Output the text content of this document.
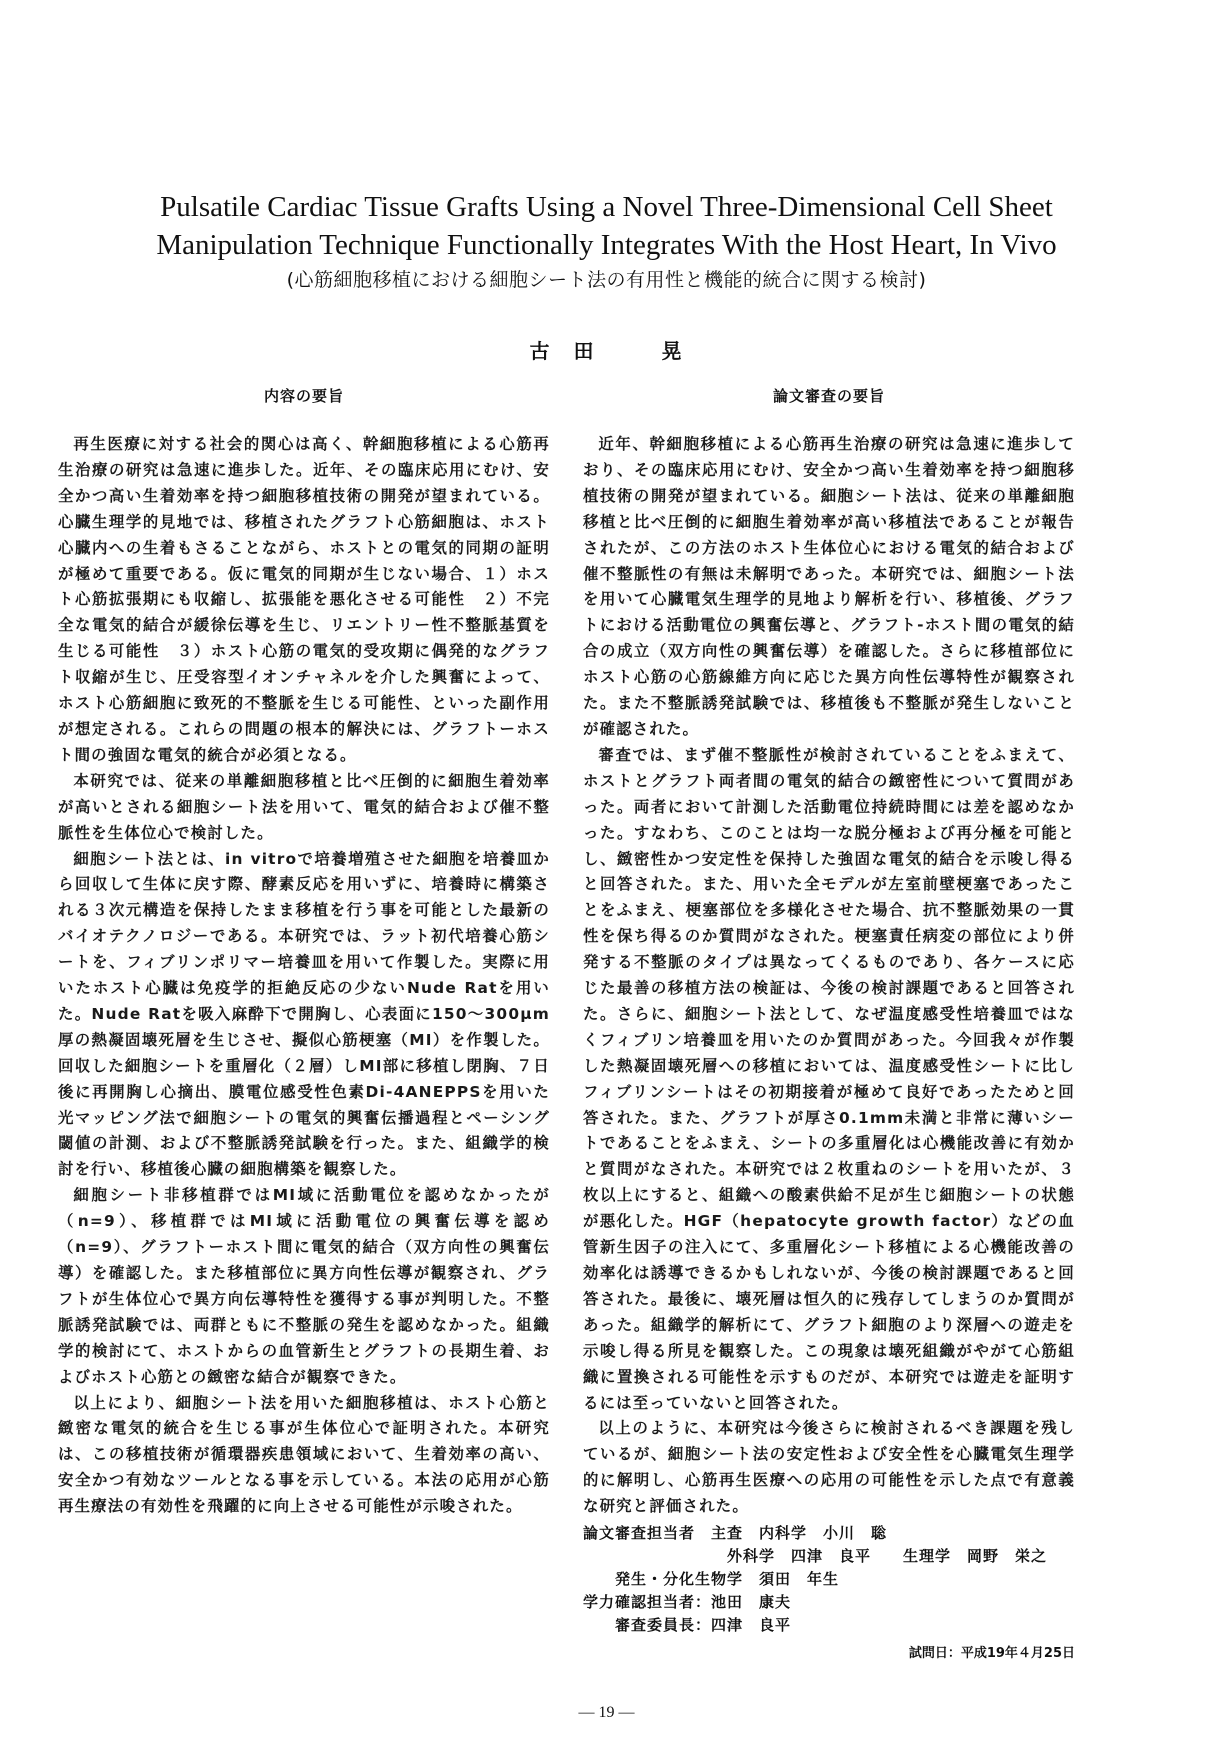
Pulsatile Cardiac Tissue Grafts Using a Novel Three-Dimensional Cell Sheet
Manipulation Technique Functionally Integrates With the Host Heart, In Vivo
(心筋細胞移植における細胞シート法の有用性と機能的統合に関する検討)
古　田　　　晃
内容の要旨

再生医療に対する社会的関心は高く、幹細胞移植による心筋再生治療の研究は急速に進歩した。近年、その臨床応用にむけ、安全かつ高い生着効率を持つ細胞移植技術の開発が望まれている。心臓生理学的見地では、移植されたグラフト心筋細胞は、ホスト心臓内への生着もさることながら、ホストとの電気的同期の証明が極めて重要である。仮に電気的同期が生じない場合、１）ホスト心筋拡張期にも収縮し、拡張能を悪化させる可能性　２）不完全な電気的結合が緩徐伝導を生じ、リエントリー性不整脈基質を生じる可能性　３）ホスト心筋の電気的受攻期に偶発的なグラフト収縮が生じ、圧受容型イオンチャネルを介した興奮によって、ホスト心筋細胞に致死的不整脈を生じる可能性、といった副作用が想定される。これらの問題の根本的解決には、グラフトーホスト間の強固な電気的統合が必須となる。

本研究では、従来の単離細胞移植と比べ圧倒的に細胞生着効率が高いとされる細胞シート法を用いて、電気的結合および催不整脈性を生体位心で検討した。

細胞シート法とは、in vitroで培養増殖させた細胞を培養皿から回収して生体に戻す際、酵素反応を用いずに、培養時に構築される３次元構造を保持したまま移植を行う事を可能とした最新のバイオテクノロジーである。本研究では、ラット初代培養心筋シートを、フィブリンポリマー培養皿を用いて作製した。実際に用いたホスト心臓は免疫学的拒絶反応の少ないNude Ratを用いた。Nude Ratを吸入麻酔下で開胸し、心表面に150～300μm厚の熱凝固壊死層を生じさせ、擬似心筋梗塞（MI）を作製した。回収した細胞シートを重層化（２層）しMI部に移植し閉胸、７日後に再開胸し心摘出、膜電位感受性色素Di-4ANEPPSを用いた光マッピング法で細胞シートの電気的興奮伝播過程とペーシング閾値の計測、および不整脈誘発試験を行った。また、組織学的検討を行い、移植後心臓の細胞構築を観察した。

細胞シート非移植群ではMI域に活動電位を認めなかったが（n=9）、移植群ではMI域に活動電位の興奮伝導を認め（n=9）、グラフトーホスト間に電気的結合（双方向性の興奮伝導）を確認した。また移植部位に異方向性伝導が観察され、グラフトが生体位心で異方向伝導特性を獲得する事が判明した。不整脈誘発試験では、両群ともに不整脈の発生を認めなかった。組織学的検討にて、ホストからの血管新生とグラフトの長期生着、およびホスト心筋との緻密な結合が観察できた。

以上により、細胞シート法を用いた細胞移植は、ホスト心筋と緻密な電気的統合を生じる事が生体位心で証明された。本研究は、この移植技術が循環器疾患領域において、生着効率の高い、安全かつ有効なツールとなる事を示している。本法の応用が心筋再生療法の有効性を飛躍的に向上させる可能性が示唆された。

論文審査の要旨

近年、幹細胞移植による心筋再生治療の研究は急速に進歩しており、その臨床応用にむけ、安全かつ高い生着効率を持つ細胞移植技術の開発が望まれている。細胞シート法は、従来の単離細胞移植と比べ圧倒的に細胞生着効率が高い移植法であることが報告されたが、この方法のホスト生体位心における電気的結合および催不整脈性の有無は未解明であった。本研究では、細胞シート法を用いて心臓電気生理学的見地より解析を行い、移植後、グラフトにおける活動電位の興奮伝導と、グラフト-ホスト間の電気的結合の成立（双方向性の興奮伝導）を確認した。さらに移植部位にホスト心筋の心筋線維方向に応じた異方向性伝導特性が観察された。また不整脈誘発試験では、移植後も不整脈が発生しないことが確認された。

審査では、まず催不整脈性が検討されていることをふまえて、ホストとグラフト両者間の電気的結合の緻密性について質問があった。両者において計測した活動電位持続時間には差を認めなかった。すなわち、このことは均一な脱分極および再分極を可能とし、緻密性かつ安定性を保持した強固な電気的結合を示唆し得ると回答された。また、用いた全モデルが左室前壁梗塞であったことをふまえ、梗塞部位を多様化させた場合、抗不整脈効果の一貫性を保ち得るのか質問がなされた。梗塞責任病変の部位により併発する不整脈のタイプは異なってくるものであり、各ケースに応じた最善の移植方法の検証は、今後の検討課題であると回答された。さらに、細胞シート法として、なぜ温度感受性培養皿ではなくフィブリン培養皿を用いたのか質問があった。今回我々が作製した熱凝固壊死層への移植においては、温度感受性シートに比しフィブリンシートはその初期接着が極めて良好であったためと回答された。また、グラフトが厚さ0.1mm未満と非常に薄いシートであることをふまえ、シートの多重層化は心機能改善に有効かと質問がなされた。本研究では２枚重ねのシートを用いたが、３枚以上にすると、組織への酸素供給不足が生じ細胞シートの状態が悪化した。HGF（hepatocyte growth factor）などの血管新生因子の注入にて、多重層化シート移植による心機能改善の効率化は誘導できるかもしれないが、今後の検討課題であると回答された。最後に、壊死層は恒久的に残存してしまうのか質問があった。組織学的解析にて、グラフト細胞のより深層への遊走を示唆し得る所見を観察した。この現象は壊死組織がやがて心筋組織に置換される可能性を示すものだが、本研究では遊走を証明するには至っていないと回答された。

以上のように、本研究は今後さらに検討されるべき課題を残しているが、細胞シート法の安定性および安全性を心臓電気生理学的に解明し、心筋再生医療への応用の可能性を示した点で有意義な研究と評価された。

論文審査担当者　主査　内科学　小川　聡
　　　　　　　　　外科学　四津　良平　　生理学　岡野　栄之
　　発生・分化生物学　須田　年生
学力確認担当者：池田　康夫
　　審査委員長：四津　良平
試問日：平成19年４月25日
— 19 —
